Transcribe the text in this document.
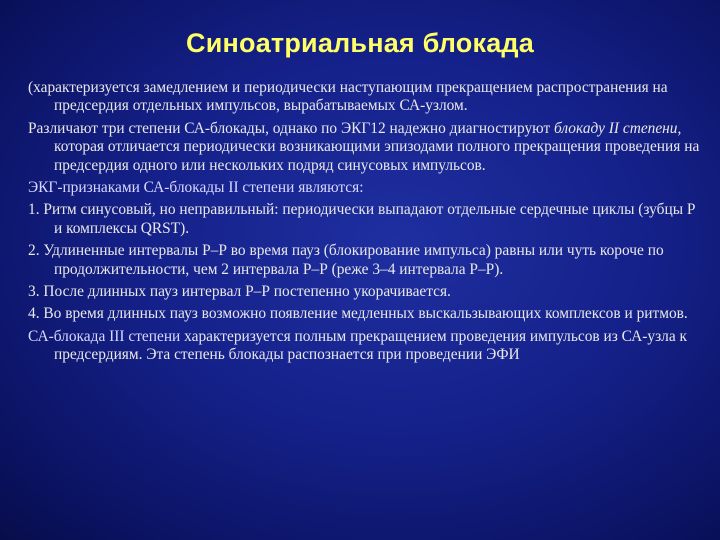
Синоатриальная блокада

(характеризуется замедлением и периодически наступающим прекращением распространения на предсердия отдельных импульсов, вырабатываемых СА-узлом.

Различают три степени СА-блокады, однако по ЭКГ12 надежно диагностируют блокаду II степени, которая отличается периодически возникающими эпизодами полного прекращения проведения на предсердия одного или нескольких подряд синусовых импульсов.

ЭКГ-признаками СА-блокады II степени являются:

1. Ритм синусовый, но неправильный: периодически выпадают отдельные сердечные циклы (зубцы Р и комплексы QRST).

2. Удлиненные интервалы Р–Р во время пауз (блокирование импульса) равны или чуть короче по продолжительности, чем 2 интервала Р–Р (реже 3–4 интервала Р–Р).

3. После длинных пауз интервал Р–Р постепенно укорачивается.

4. Во время длинных пауз возможно появление медленных выскальзывающих комплексов и ритмов.

СА-блокада III степени характеризуется полным прекращением проведения импульсов из СА-узла к предсердиям. Эта степень блокады распознается при проведении ЭФИ
